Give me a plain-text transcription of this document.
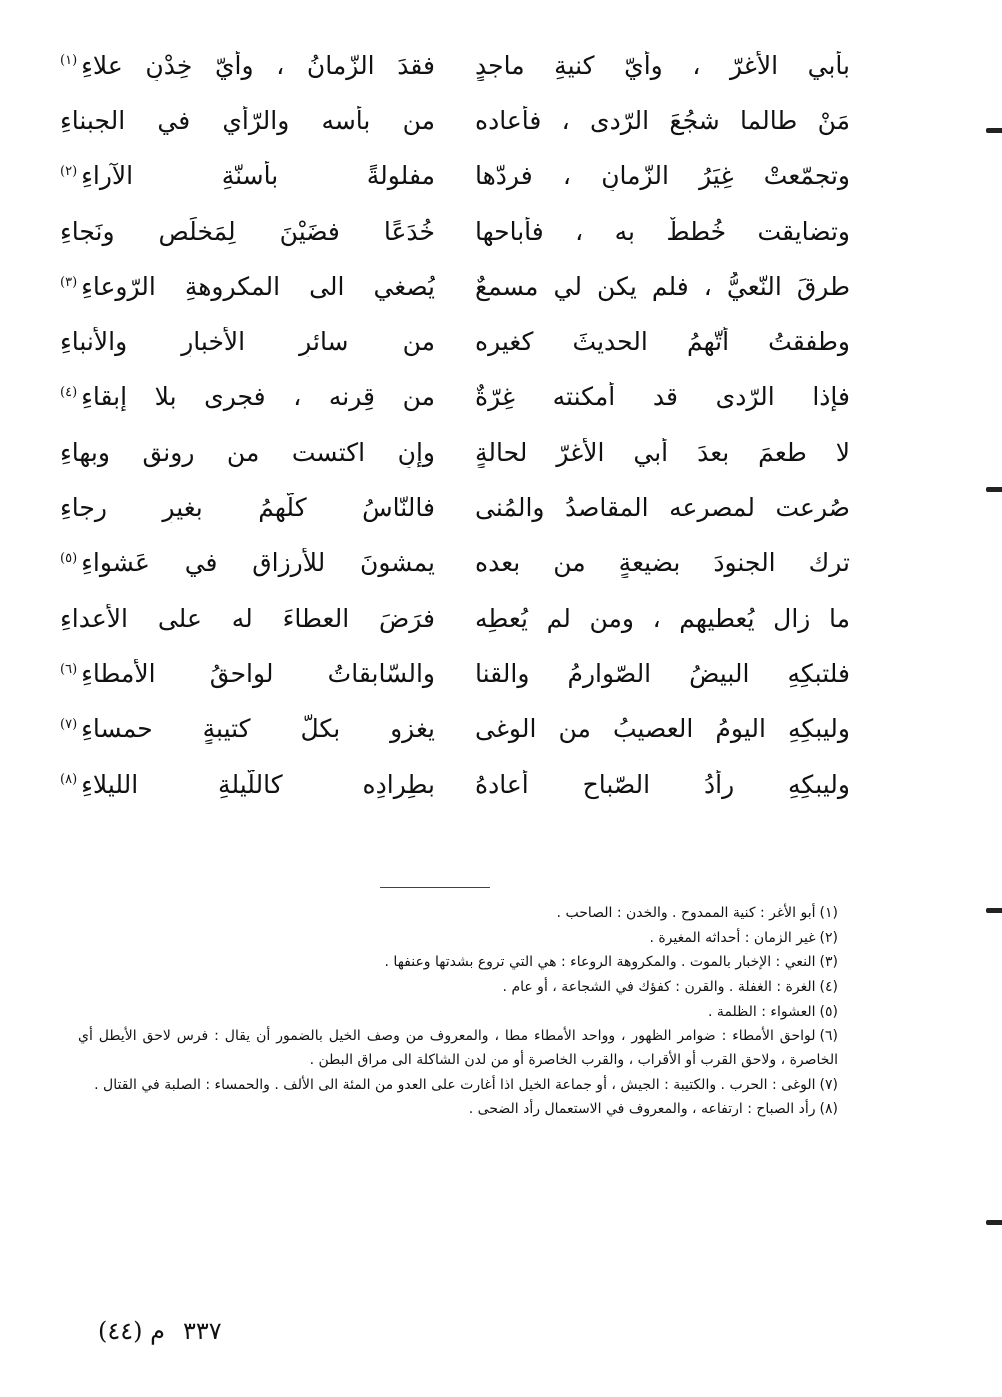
بأبي الأغرّ ، وأيّ كنيةِ ماجدٍ
فقدَ الزّمانُ ، وأيّ خِدْنِ علاءِ$^{(١)}$
مَنْ طالما شجُعَ الرّدى ، فأعاده
من بأسه والرّأي في الجبناءِ
وتجمّعتْ غِيَرُ الزّمانِ ، فردّها
مفلولةً بأسنّةِ الآراءِ$^{(٢)}$
وتضايقت خُططٌ به ، فأباحها
خُدَعًا فضَيْنَ لِمَخلَصٍ ونَجاءِ
طرقَ النّعيُّ ، فلم يكن لي مسمعٌ
يُصغي الى المكروهةِ الرّوعاءِ$^{(٣)}$
وطفقتُ أتّهمُ الحديثَ كغيره
من سائرِ الأخبارِ والأنباءِ
فإذا الرّدى قد أمكنته غِرّةٌ
من قِرنه ، فجرى بلا إبقاءِ$^{(٤)}$
لا طعمَ بعدَ أبي الأغرّ لحالةٍ
وإنِ اكتست من رونقٍ وبهاءِ
صُرعت لمصرعه المقاصدُ والمُنى
فالنّاسُ كلُّهمُ بغيرِ رجاءِ
ترك الجنودَ بضيعةٍ من بعده
يمشونَ للأرزاقِ في عَشواءِ$^{(٥)}$
ما زال يُعطيهم ، ومن لم يُعطِه
فرَضَ العطاءَ له على الأعداءِ
فلتبكِهِ البيضُ الصّوارمُ والقنا
والسّابقاتُ لواحقُ الأمطاءِ$^{(٦)}$
وليبكِهِ اليومُ العصيبُ من الوغى
يغزو بكلّ كتيبةٍ حمساءِ$^{(٧)}$
وليبكِهِ رأدُ الصّباحِ أعادهُ
بطِرادِه كاللّيلةِ الليلاءِ$^{(٨)}$
(١)أبو الأغر : كنية الممدوح . والخدن : الصاحب .
(٢)غير الزمان : أحداثه المغيرة .
(٣)النعي : الإخبار بالموت . والمكروهة الروعاء : هي التي تروع بشدتها وعنفها .
(٤)الغرة : الغفلة . والقرن : كفؤك في الشجاعة ، أو عام .
(٥)العشواء : الظلمة .
(٦)لواحق الأمطاء : ضوامر الظهور ، وواحد الأمطاء مطا ، والمعروف من وصف الخيل بالضمور أن يقال : فرس لاحق الأيطل أي الخاصرة ، ولاحق القرب أو الأقراب ، والقرب الخاصرة أو من لدن الشاكلة الى مراق البطن .
(٧)الوغى : الحرب . والكتيبة : الجيش ، أو جماعة الخيل اذا أغارت على العدو من المئة الى الألف . والحمساء : الصلبة في القتال .
(٨)رأد الصباح : ارتفاعه ، والمعروف في الاستعمال رأد الضحى .
٣٣٧
م (٤٤)
